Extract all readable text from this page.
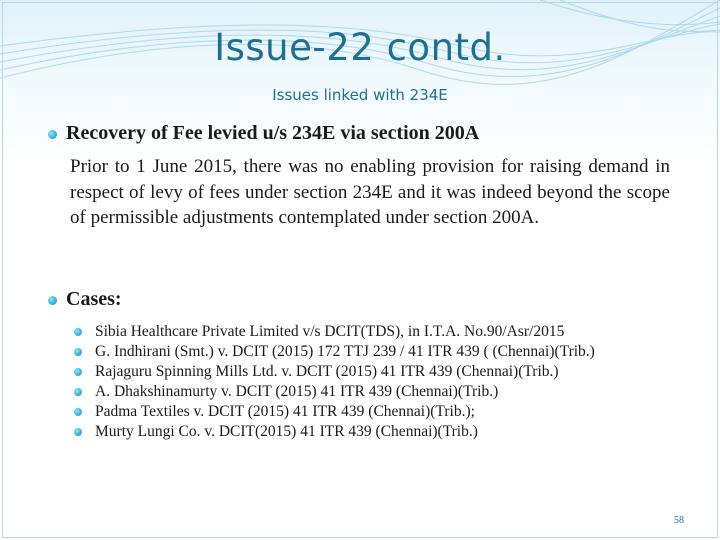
Issue-22 contd.
Issues linked with 234E
Recovery of Fee levied u/s 234E via section 200A
Prior to 1 June 2015, there was no enabling provision for raising demand in respect of levy of fees under section 234E and it was indeed beyond the scope of permissible adjustments contemplated under section 200A.
Cases:
Sibia Healthcare Private Limited v/s DCIT(TDS), in I.T.A. No.90/Asr/2015
G. Indhirani (Smt.) v. DCIT (2015) 172 TTJ 239 / 41 ITR 439 ( (Chennai)(Trib.)
Rajaguru Spinning Mills Ltd. v. DCIT (2015) 41 ITR 439 (Chennai)(Trib.)
A. Dhakshinamurty v. DCIT (2015) 41 ITR 439 (Chennai)(Trib.)
Padma Textiles v. DCIT (2015) 41 ITR 439 (Chennai)(Trib.);
Murty Lungi Co. v. DCIT(2015) 41 ITR 439 (Chennai)(Trib.)
58
